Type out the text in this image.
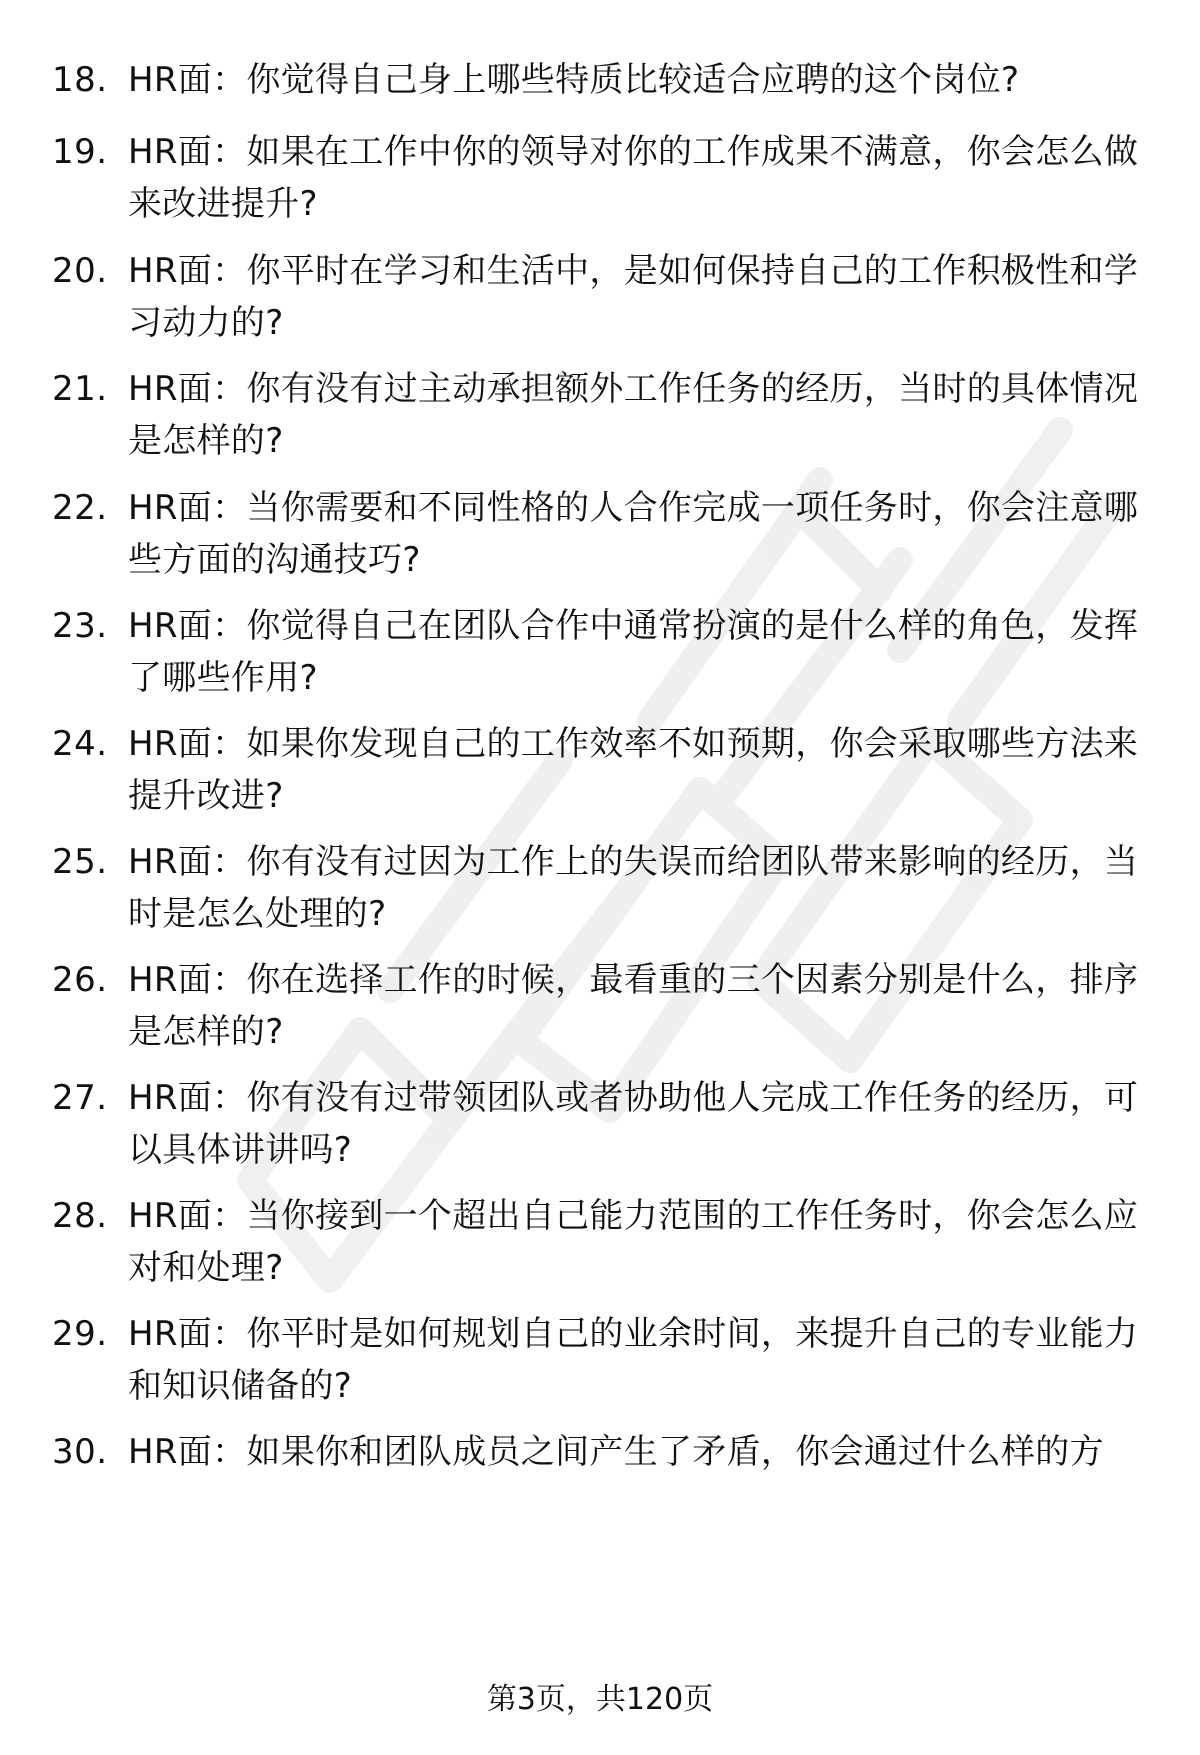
18. HR面：你觉得自己身上哪些特质比较适合应聘的这个岗位?
19. HR面：如果在工作中你的领导对你的工作成果不满意，你会怎么做来改进提升?
20. HR面：你平时在学习和生活中，是如何保持自己的工作积极性和学习动力的?
21. HR面：你有没有过主动承担额外工作任务的经历，当时的具体情况是怎样的?
22. HR面：当你需要和不同性格的人合作完成一项任务时，你会注意哪些方面的沟通技巧?
23. HR面：你觉得自己在团队合作中通常扮演的是什么样的角色，发挥了哪些作用?
24. HR面：如果你发现自己的工作效率不如预期，你会采取哪些方法来提升改进?
25. HR面：你有没有过因为工作上的失误而给团队带来影响的经历，当时是怎么处理的?
26. HR面：你在选择工作的时候，最看重的三个因素分别是什么，排序是怎样的?
27. HR面：你有没有过带领团队或者协助他人完成工作任务的经历，可以具体讲讲吗?
28. HR面：当你接到一个超出自己能力范围的工作任务时，你会怎么应对和处理?
29. HR面：你平时是如何规划自己的业余时间，来提升自己的专业能力和知识储备的?
30. HR面：如果你和团队成员之间产生了矛盾，你会通过什么样的方
第3页，共120页
